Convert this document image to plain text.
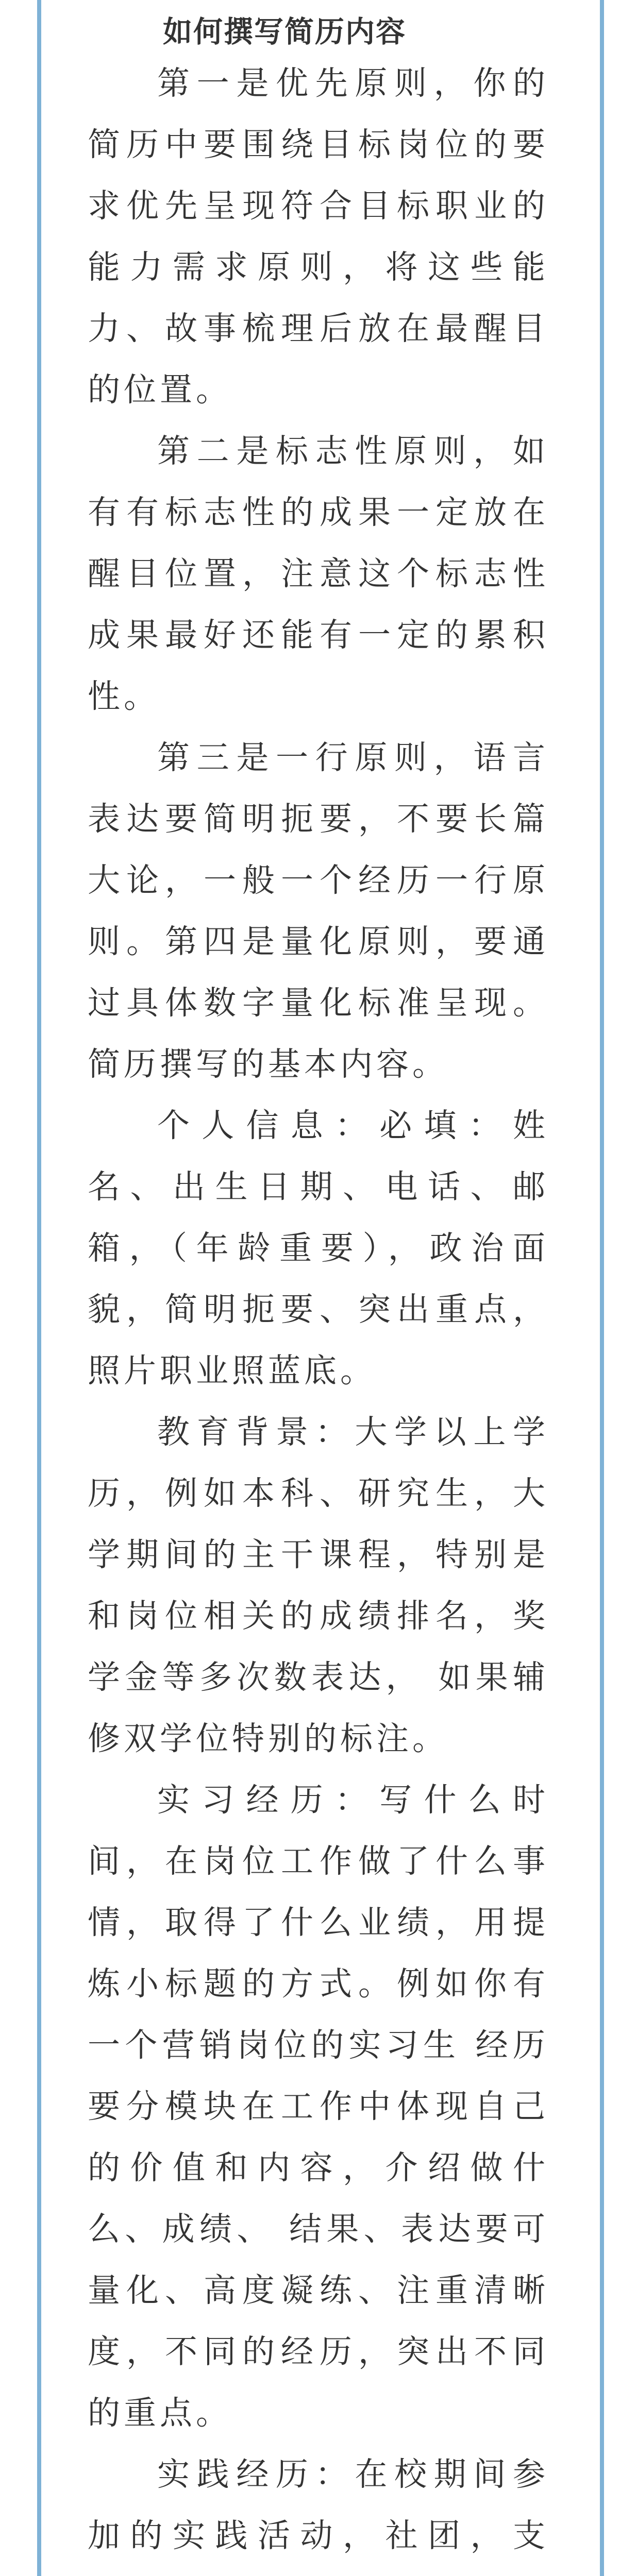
如何撰写简历内容

第一是优先原则，你的简历中要围绕目标岗位的要求优先呈现符合目标职业的能力需求原则，将这些能力、故事梳理后放在最醒目的位置。

第二是标志性原则，如有有标志性的成果一定放在醒目位置，注意这个标志性成果最好还能有一定的累积性。

第三是一行原则，语言表达要简明扼要，不要长篇大论，一般一个经历一行原则。第四是量化原则，要通过具体数字量化标准呈现。简历撰写的基本内容。

个人信息：必填：姓名、出生日期、电话、邮箱，（年龄重要），政治面貌，简明扼要、突出重点，照片职业照蓝底。

教育背景：大学以上学历，例如本科、研究生，大学期间的主干课程，特别是和岗位相关的成绩排名，奖学金等多次数表达， 如果辅修双学位特别的标注。

实习经历：写什么时间，在岗位工作做了什么事情，取得了什么业绩，用提炼小标题的方式。例如你有一个营销岗位的实习生 经历要分模块在工作中体现自己的价值和内容，介绍做什么、成绩、 结果、表达要可量化、高度凝练、注重清晰度，不同的经历，突出不同的重点。

实践经历：在校期间参加的实践活动，社团，支
